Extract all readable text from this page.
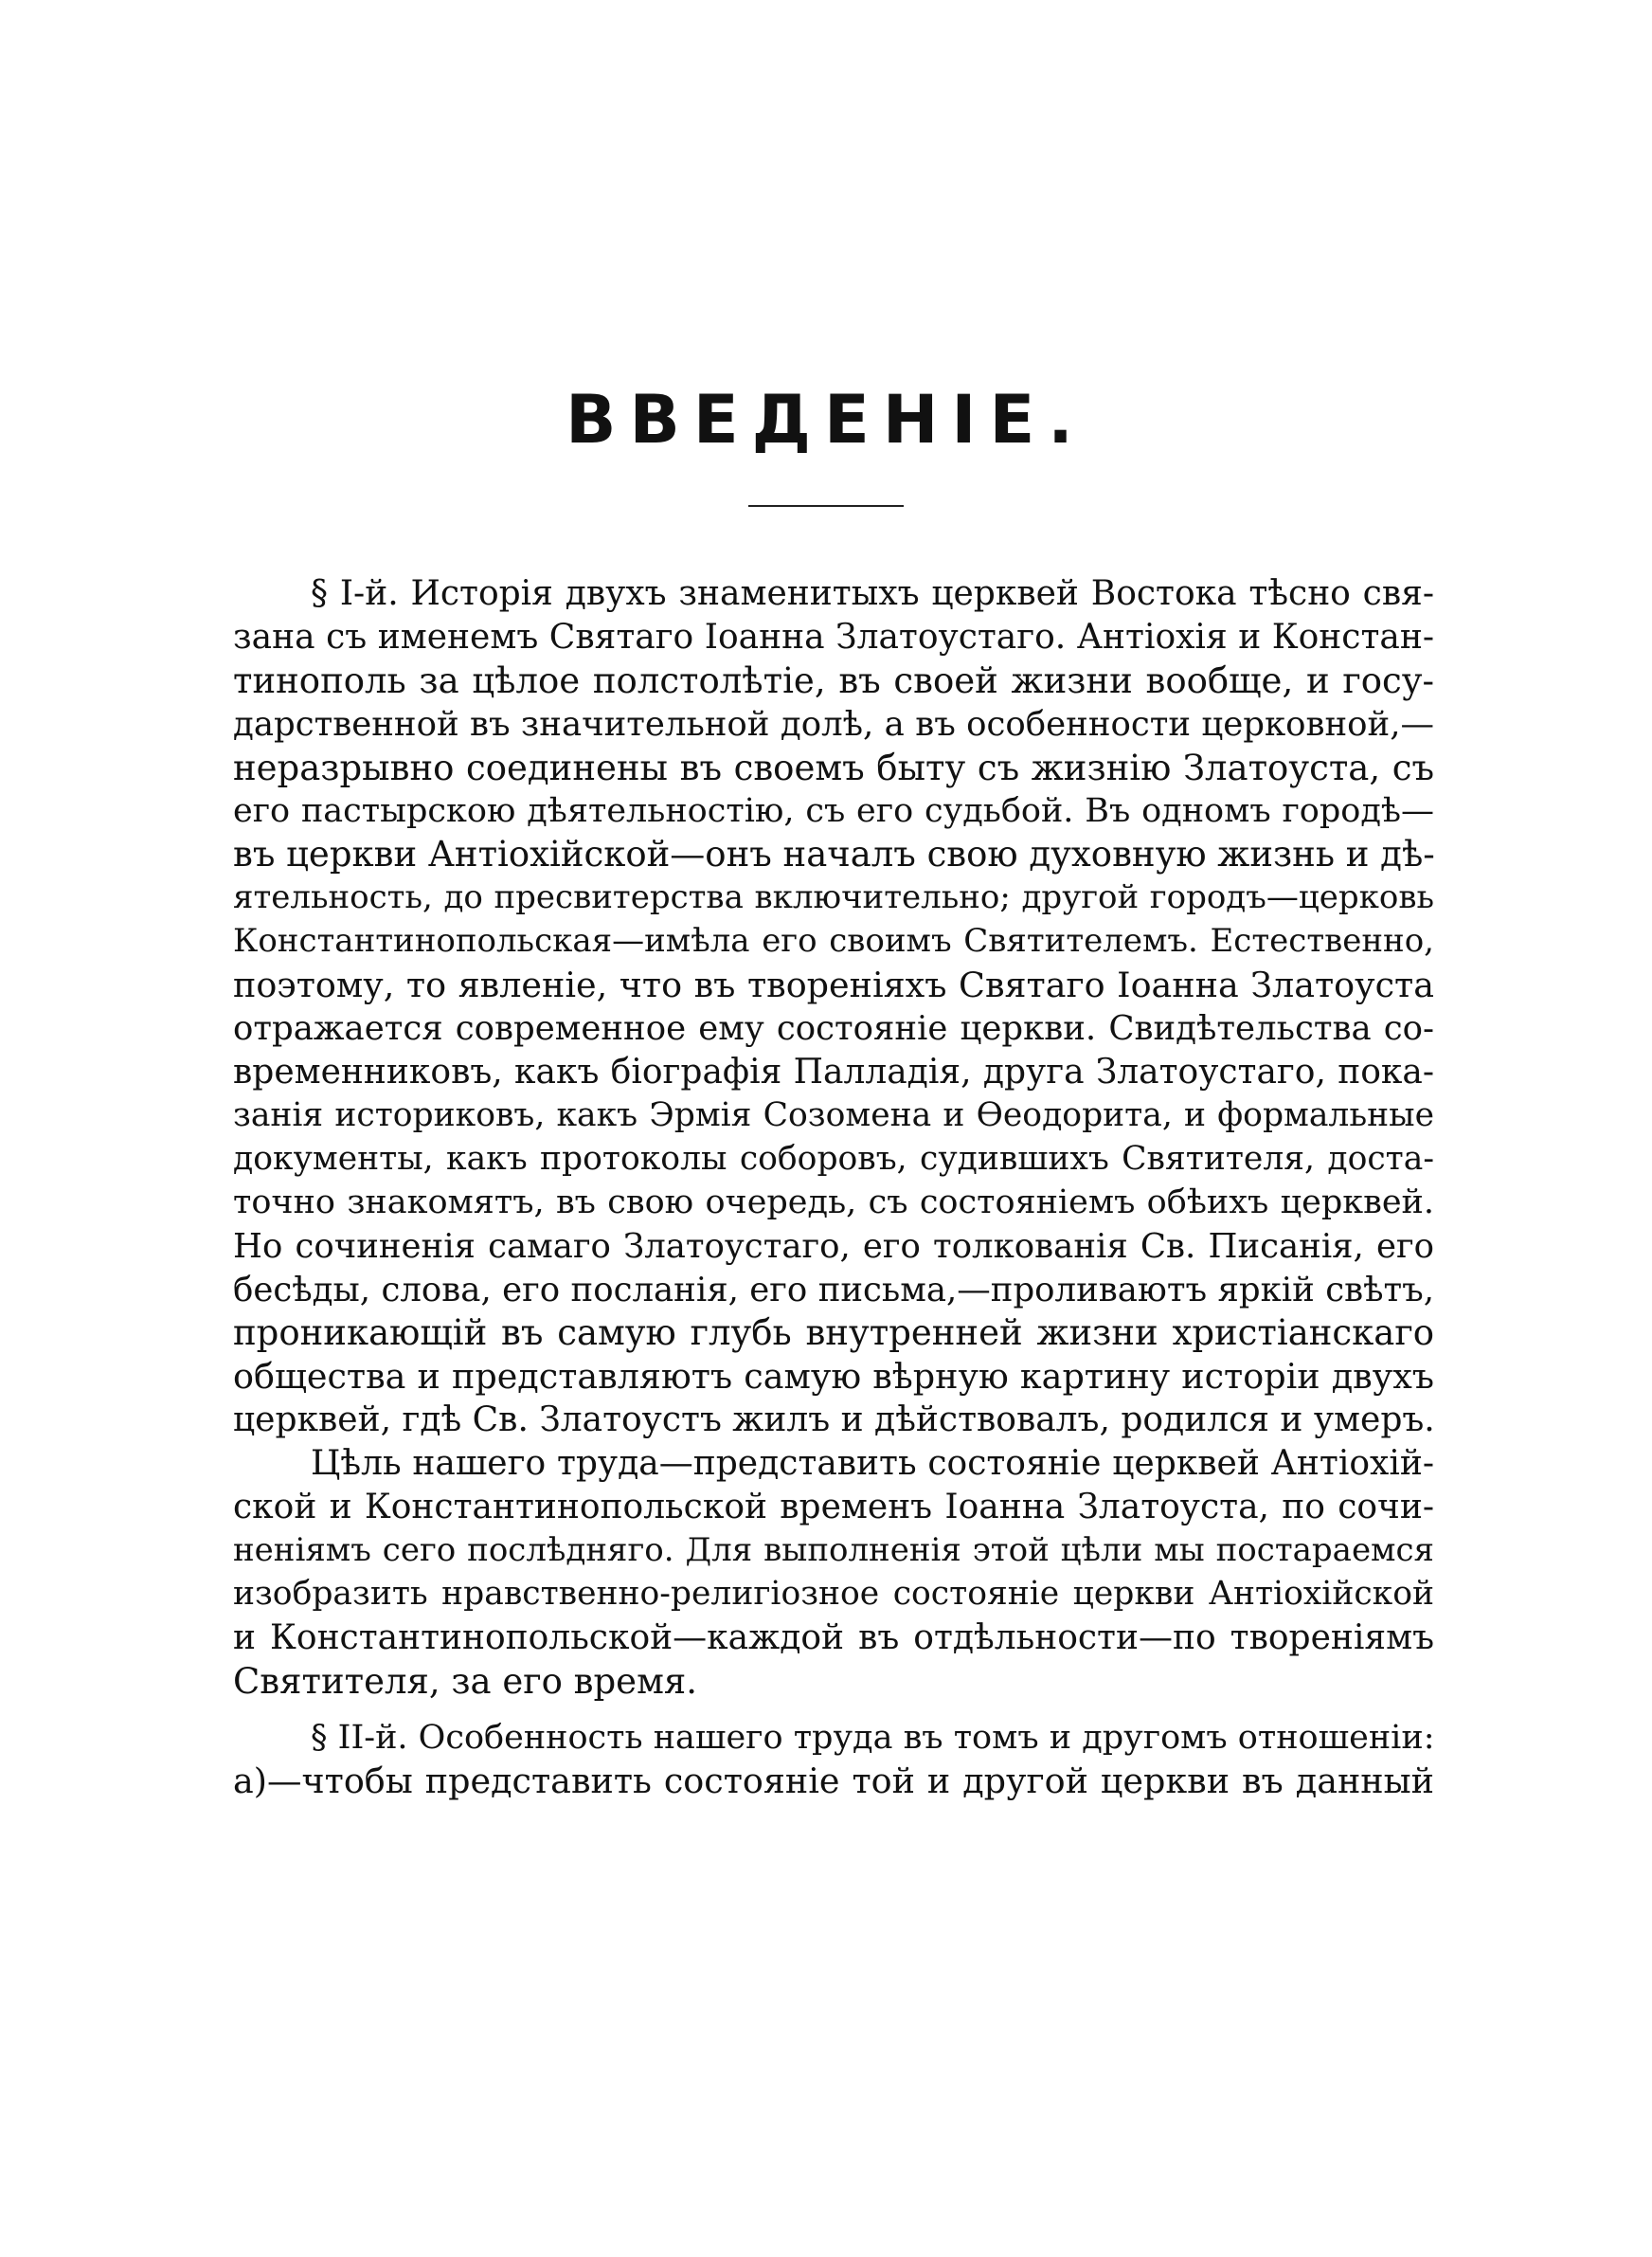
ВВЕДЕНІЕ.
§ І-й. Исторія двухъ знаменитыхъ церквей Востока тѣсно свя-
зана съ именемъ Святаго Іоанна Златоустаго. Антіохія и Констан-
тинополь за цѣлое полстолѣтіе, въ своей жизни вообще, и госу-
дарственной въ значительной долѣ, а въ особенности церковной,—
неразрывно соединены въ своемъ быту съ жизнію Златоуста, съ
его пастырскою дѣятельностію, съ его судьбой. Въ одномъ городѣ—
въ церкви Антіохійской—онъ началъ свою духовную жизнь и дѣ-
ятельность, до пресвитерства включительно; другой городъ—церковь
Константинопольская—имѣла его своимъ Святителемъ. Естественно,
поэтому, то явленіе, что въ твореніяхъ Святаго Іоанна Златоуста
отражается современное ему состояніе церкви. Свидѣтельства со-
временниковъ, какъ біографія Палладія, друга Златоустаго, пока-
занія историковъ, какъ Эрмія Созомена и Ѳеодорита, и формальные
документы, какъ протоколы соборовъ, судившихъ Святителя, доста-
точно знакомятъ, въ свою очередь, съ состояніемъ обѣихъ церквей.
Но сочиненія самаго Златоустаго, его толкованія Св. Писанія, его
бесѣды, слова, его посланія, его письма,—проливаютъ яркій свѣтъ,
проникающій въ самую глубь внутренней жизни христіанскаго
общества и представляютъ самую вѣрную картину исторіи двухъ
церквей, гдѣ Св. Златоустъ жилъ и дѣйствовалъ, родился и умеръ.
Цѣль нашего труда—представить состояніе церквей Антіохій-
ской и Константинопольской временъ Іоанна Златоуста, по сочи-
неніямъ сего послѣдняго. Для выполненія этой цѣли мы постараемся
изобразить нравственно-религіозное состояніе церкви Антіохійской
и Константинопольской—каждой въ отдѣльности—по твореніямъ
Святителя, за его время.
§ ІІ-й. Особенность нашего труда въ томъ и другомъ отношеніи:
а)—чтобы представить состояніе той и другой церкви въ данный
